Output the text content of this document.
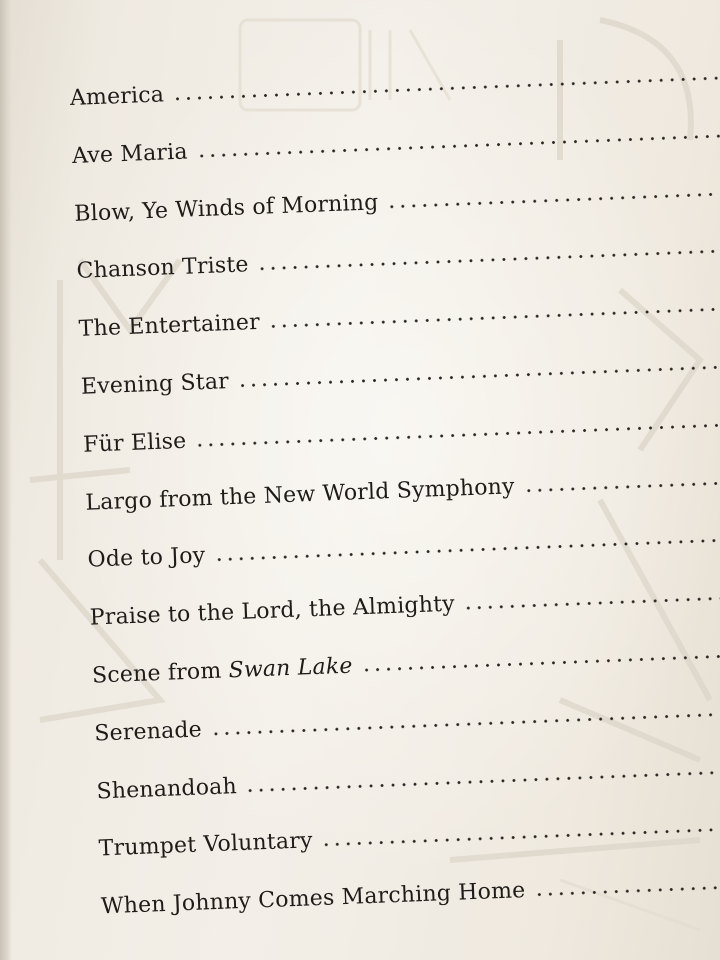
America
Ave Maria
Blow, Ye Winds of Morning
Chanson Triste
The Entertainer
Evening Star
Für Elise
Largo from the New World Symphony
Ode to Joy
Praise to the Lord, the Almighty
Scene from Swan Lake
Serenade
Shenandoah
Trumpet Voluntary
When Johnny Comes Marching Home
